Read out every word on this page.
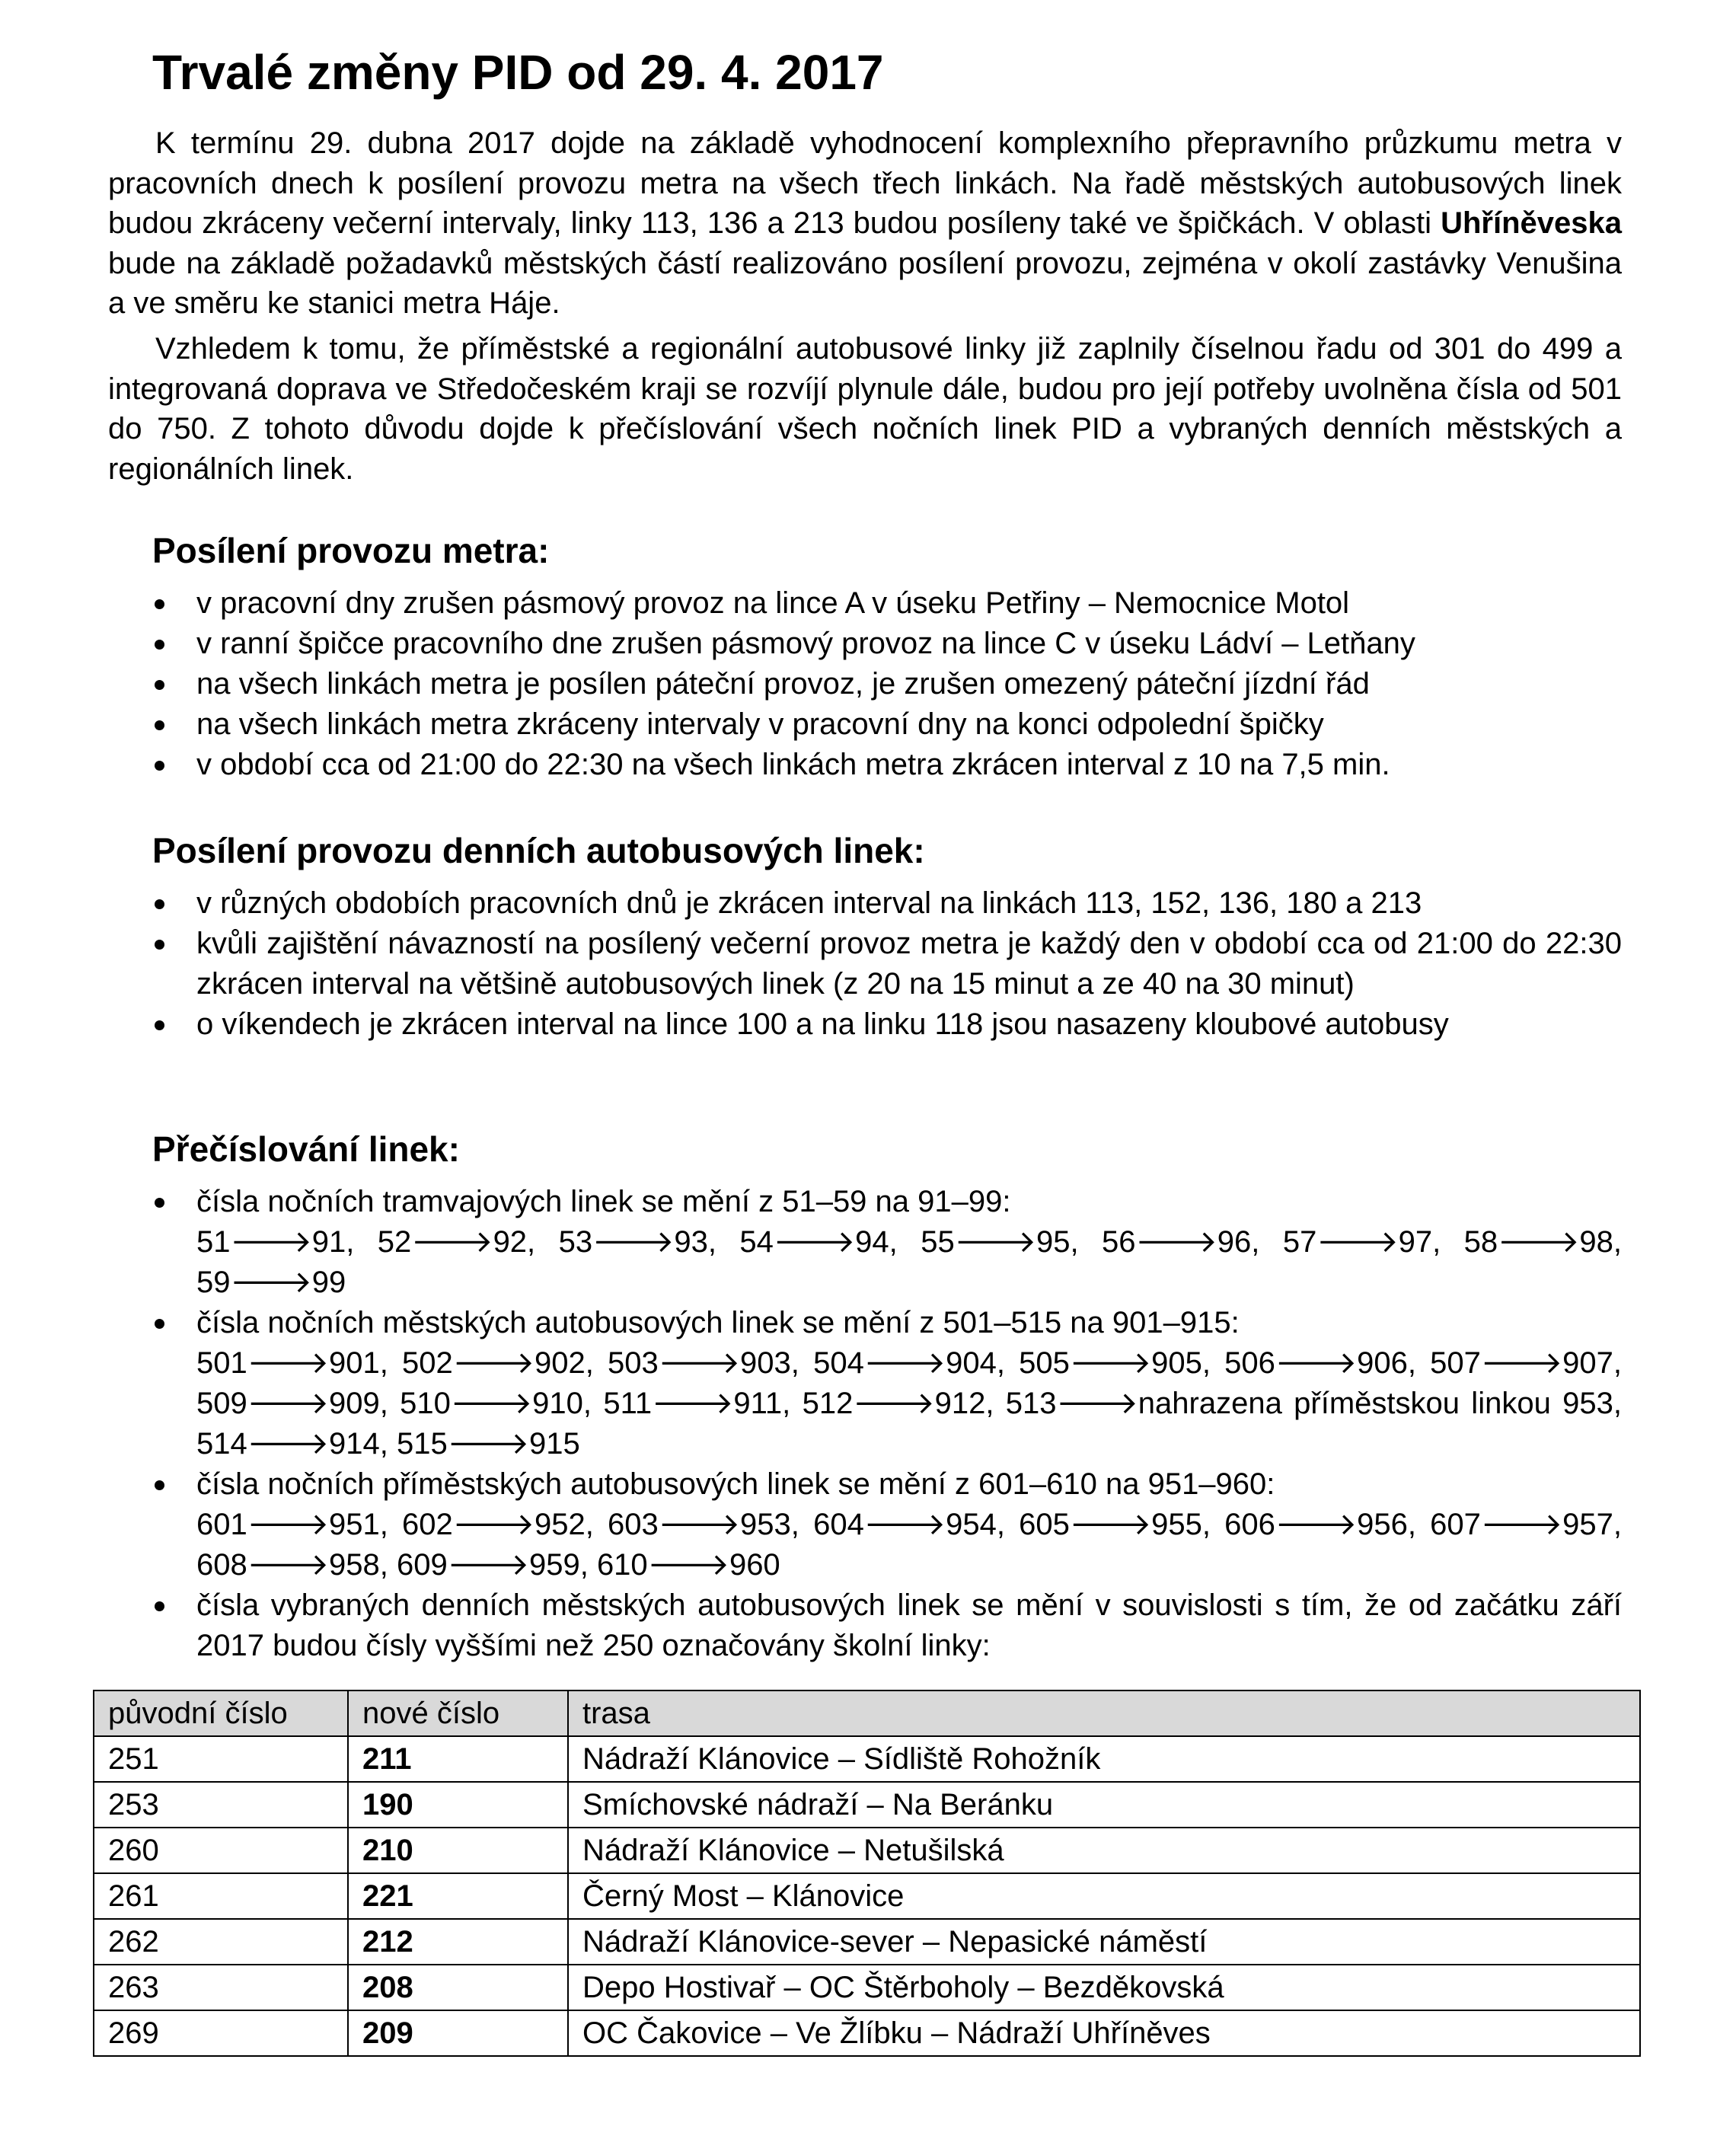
Trvalé změny PID od 29. 4. 2017

K termínu 29. dubna 2017 dojde na základě vyhodnocení komplexního přepravního průzkumu metra v pracovních dnech k posílení provozu metra na všech třech linkách. Na řadě městských autobusových linek budou zkráceny večerní intervaly, linky 113, 136 a 213 budou posíleny také ve špičkách. V oblasti Uhříněveska bude na základě požadavků městských částí realizováno posílení provozu, zejména v okolí zastávky Venušina a ve směru ke stanici metra Háje.

Vzhledem k tomu, že příměstské a regionální autobusové linky již zaplnily číselnou řadu od 301 do 499 a integrovaná doprava ve Středočeském kraji se rozvíjí plynule dále, budou pro její potřeby uvolněna čísla od 501 do 750. Z tohoto důvodu dojde k přečíslování všech nočních linek PID a vybraných denních městských a regionálních linek.

Posílení provozu metra:
v pracovní dny zrušen pásmový provoz na lince A v úseku Petřiny – Nemocnice Motol
v ranní špičce pracovního dne zrušen pásmový provoz na lince C v úseku Ládví – Letňany
na všech linkách metra je posílen páteční provoz, je zrušen omezený páteční jízdní řád
na všech linkách metra zkráceny intervaly v pracovní dny na konci odpolední špičky
v období cca od 21:00 do 22:30 na všech linkách metra zkrácen interval z 10 na 7,5 min.
Posílení provozu denních autobusových linek:
v různých obdobích pracovních dnů je zkrácen interval na linkách 113, 152, 136, 180 a 213
kvůli zajištění návazností na posílený večerní provoz metra je každý den v období cca od 21:00 do 22:30 zkrácen interval na většině autobusových linek (z 20 na 15 minut a ze 40 na 30 minut)
o víkendech je zkrácen interval na lince 100 a na linku 118 jsou nasazeny kloubové autobusy
Přečíslování linek:
čísla nočních tramvajových linek se mění z 51–59 na 91–99:
51🡒91, 52🡒92, 53🡒93, 54🡒94, 55🡒95, 56🡒96, 57🡒97, 58🡒98, 59🡒99
čísla nočních městských autobusových linek se mění z 501–515 na 901–915:
501🡒901, 502🡒902, 503🡒903, 504🡒904, 505🡒905, 506🡒906, 507🡒907, 509🡒909, 510🡒910, 511🡒911, 512🡒912, 513🡒nahrazena příměstskou linkou 953, 514🡒914, 515🡒915
čísla nočních příměstských autobusových linek se mění z 601–610 na 951–960:
601🡒951, 602🡒952, 603🡒953, 604🡒954, 605🡒955, 606🡒956, 607🡒957, 608🡒958, 609🡒959, 610🡒960
čísla vybraných denních městských autobusových linek se mění v souvislosti s tím, že od začátku září 2017 budou čísly vyššími než 250 označovány školní linky:
původní číslo	nové číslo	trasa
251	211	Nádraží Klánovice – Sídliště Rohožník
253	190	Smíchovské nádraží – Na Beránku
260	210	Nádraží Klánovice – Netušilská
261	221	Černý Most – Klánovice
262	212	Nádraží Klánovice-sever – Nepasické náměstí
263	208	Depo Hostivař – OC Štěrboholy – Bezděkovská
269	209	OC Čakovice – Ve Žlíbku – Nádraží Uhříněves
